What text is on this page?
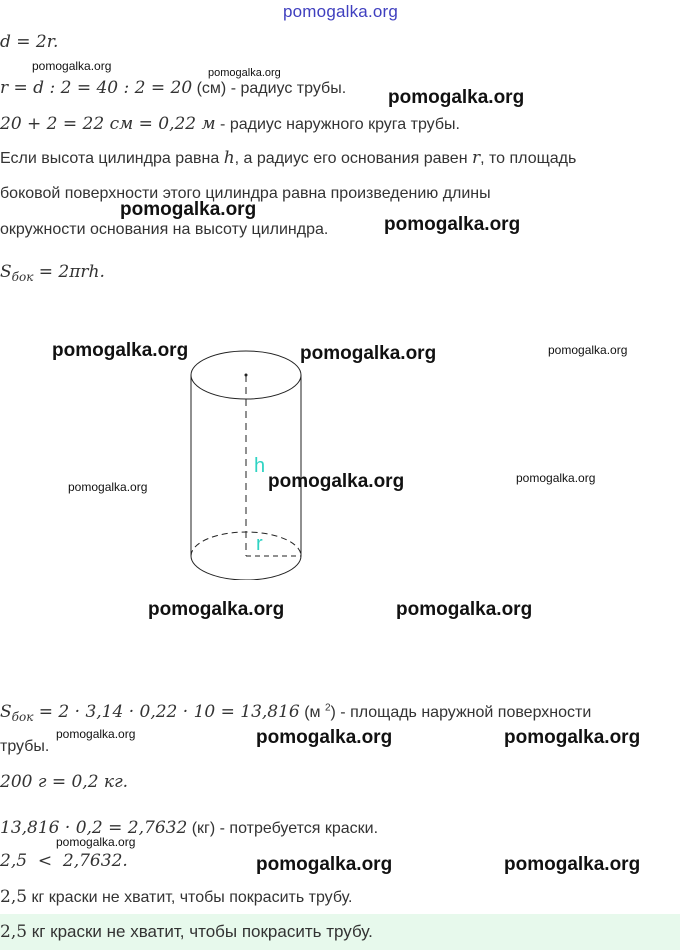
pomogalka.org
d = 2r.
r = d : 2 = 40 : 2 = 20 (см) - радиус трубы.
20 + 2 = 22 см = 0,22 м - радиус наружного круга трубы.
Если высота цилиндра равна h, а радиус его основания равен r, то площадь
боковой поверхности этого цилиндра равна произведению длины
окружности основания на высоту цилиндра.
$S_{бок} = 2\pi rh$.
h
r
$S_{бок} = 2 \cdot 3,14 \cdot 0,22 \cdot 10 = 13,816$ (м $^2$) - площадь наружной поверхности
трубы.
200 г = 0,2 кг.
13,816 · 0,2 = 2,7632 (кг) - потребуется краски.
2,5  <  2,7632.
2,5 кг краски не хватит, чтобы покрасить трубу.
2,5 кг краски не хватит, чтобы покрасить трубу.
pomogalka.org	pomogalka.org
pomogalka.org
pomogalka.org
pomogalka.org
pomogalka.org	pomogalka.org	pomogalka.org
pomogalka.org	pomogalka.org	pomogalka.org
pomogalka.org	pomogalka.org
pomogalka.org	pomogalka.org	pomogalka.org
pomogalka.org
pomogalka.org	pomogalka.org
